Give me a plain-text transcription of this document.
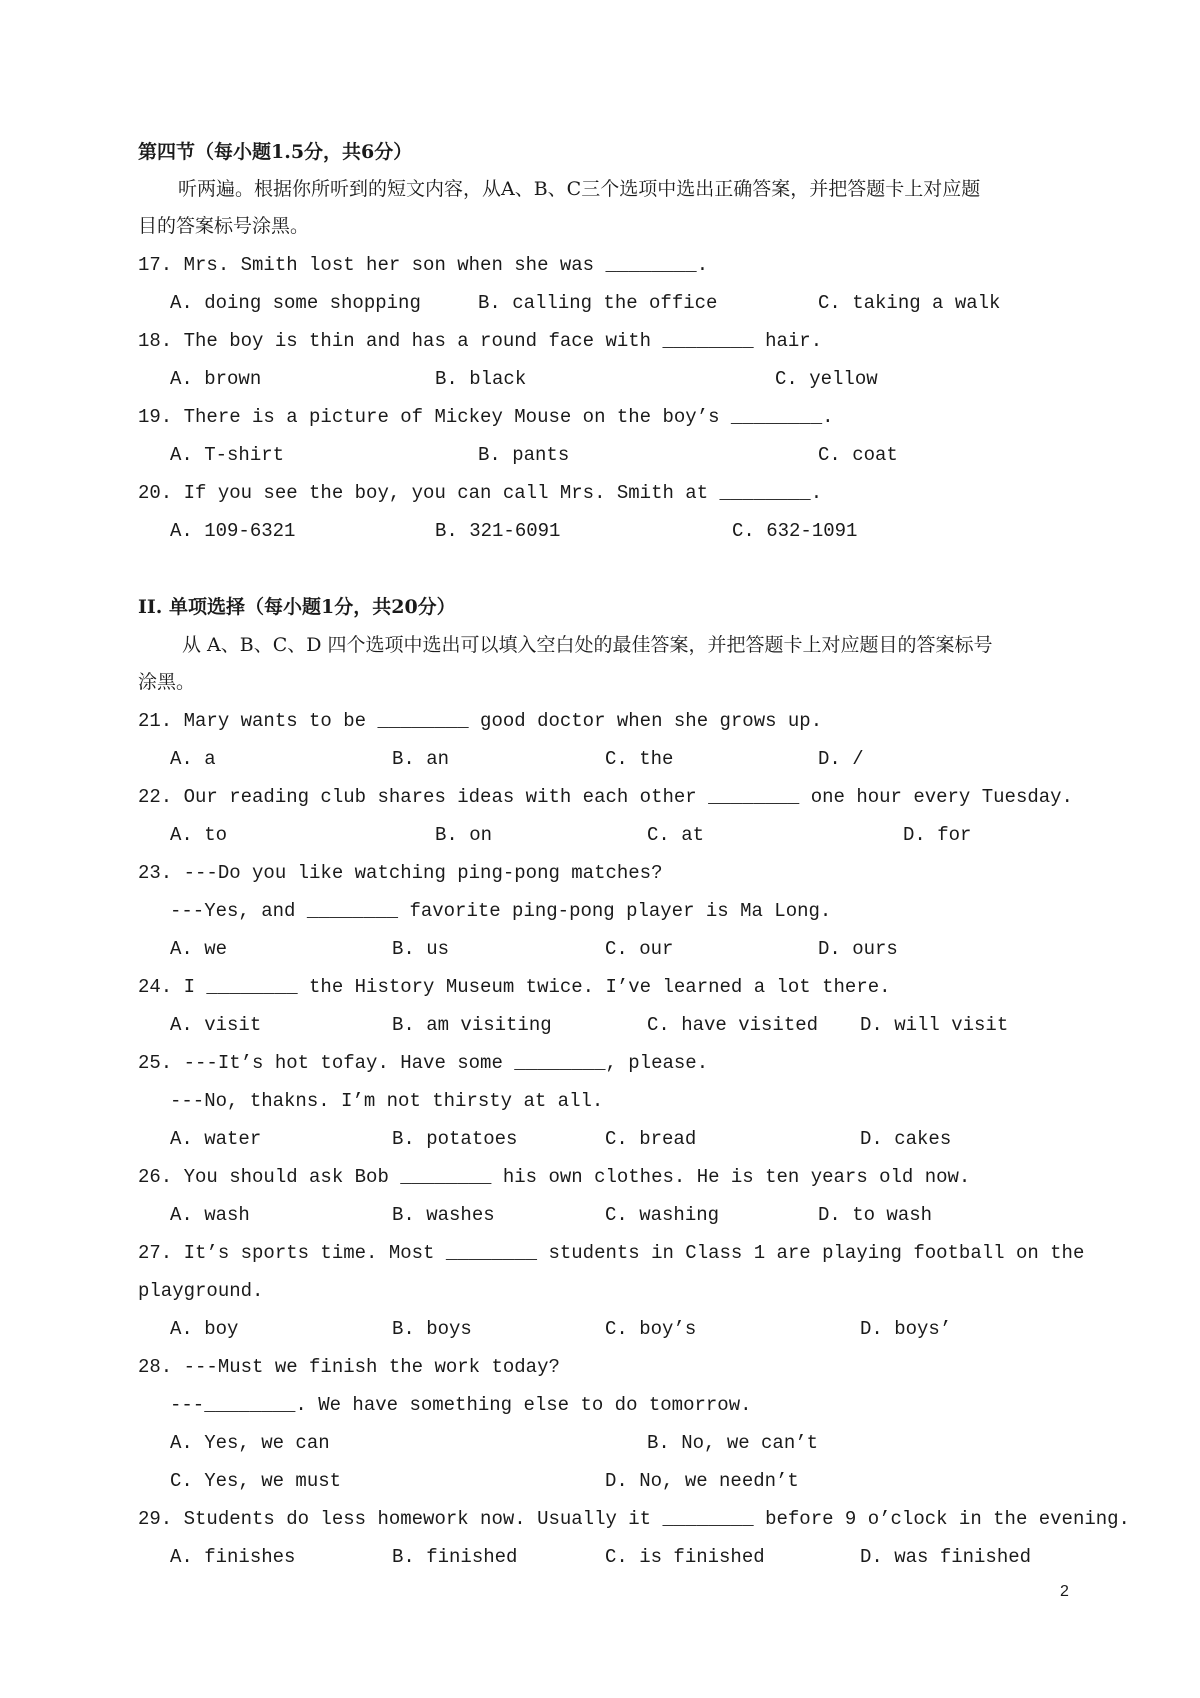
第四节（每小题1.5分，共6分）
听两遍。根据你所听到的短文内容，从A、B、C三个选项中选出正确答案，并把答题卡上对应题
目的答案标号涂黑。
17. Mrs. Smith lost her son when she was ________.
A. doing some shopping	B. calling the office	C. taking a walk
18. The boy is thin and has a round face with ________ hair.
A. brown	B. black	C. yellow
19. There is a picture of Mickey Mouse on the boy’s ________.
A. T-shirt	B. pants	C. coat
20. If you see the boy, you can call Mrs. Smith at ________.
A. 109-6321	B. 321-6091	C. 632-1091
II. 单项选择（每小题1分，共20分）
从 A、B、C、D 四个选项中选出可以填入空白处的最佳答案，并把答题卡上对应题目的答案标号
涂黑。
21. Mary wants to be ________ good doctor when she grows up.
A. a	B. an	C. the	D. /
22. Our reading club shares ideas with each other ________ one hour every Tuesday.
A. to	B. on	C. at	D. for
23. ---Do you like watching ping-pong matches?
---Yes, and ________ favorite ping-pong player is Ma Long.
A. we	B. us	C. our	D. ours
24. I ________ the History Museum twice. I’ve learned a lot there.
A. visit	B. am visiting	C. have visited D. will visit
25. ---It’s hot tofay. Have some ________, please.
---No, thakns. I’m not thirsty at all.
A. water	B. potatoes	C. bread	D. cakes
26. You should ask Bob ________ his own clothes. He is ten years old now.
A. wash	B. washes	C. washing	D. to wash
27. It’s sports time. Most ________ students in Class 1 are playing football on the
playground.
A. boy	B. boys	C. boy’s	D. boys’
28. ---Must we finish the work today?
---________. We have something else to do tomorrow.
A. Yes, we can	B. No, we can’t
C. Yes, we must	D. No, we needn’t
29. Students do less homework now. Usually it ________ before 9 o’clock in the evening.
A. finishes	B. finished	C. is finished	D. was finished
2
